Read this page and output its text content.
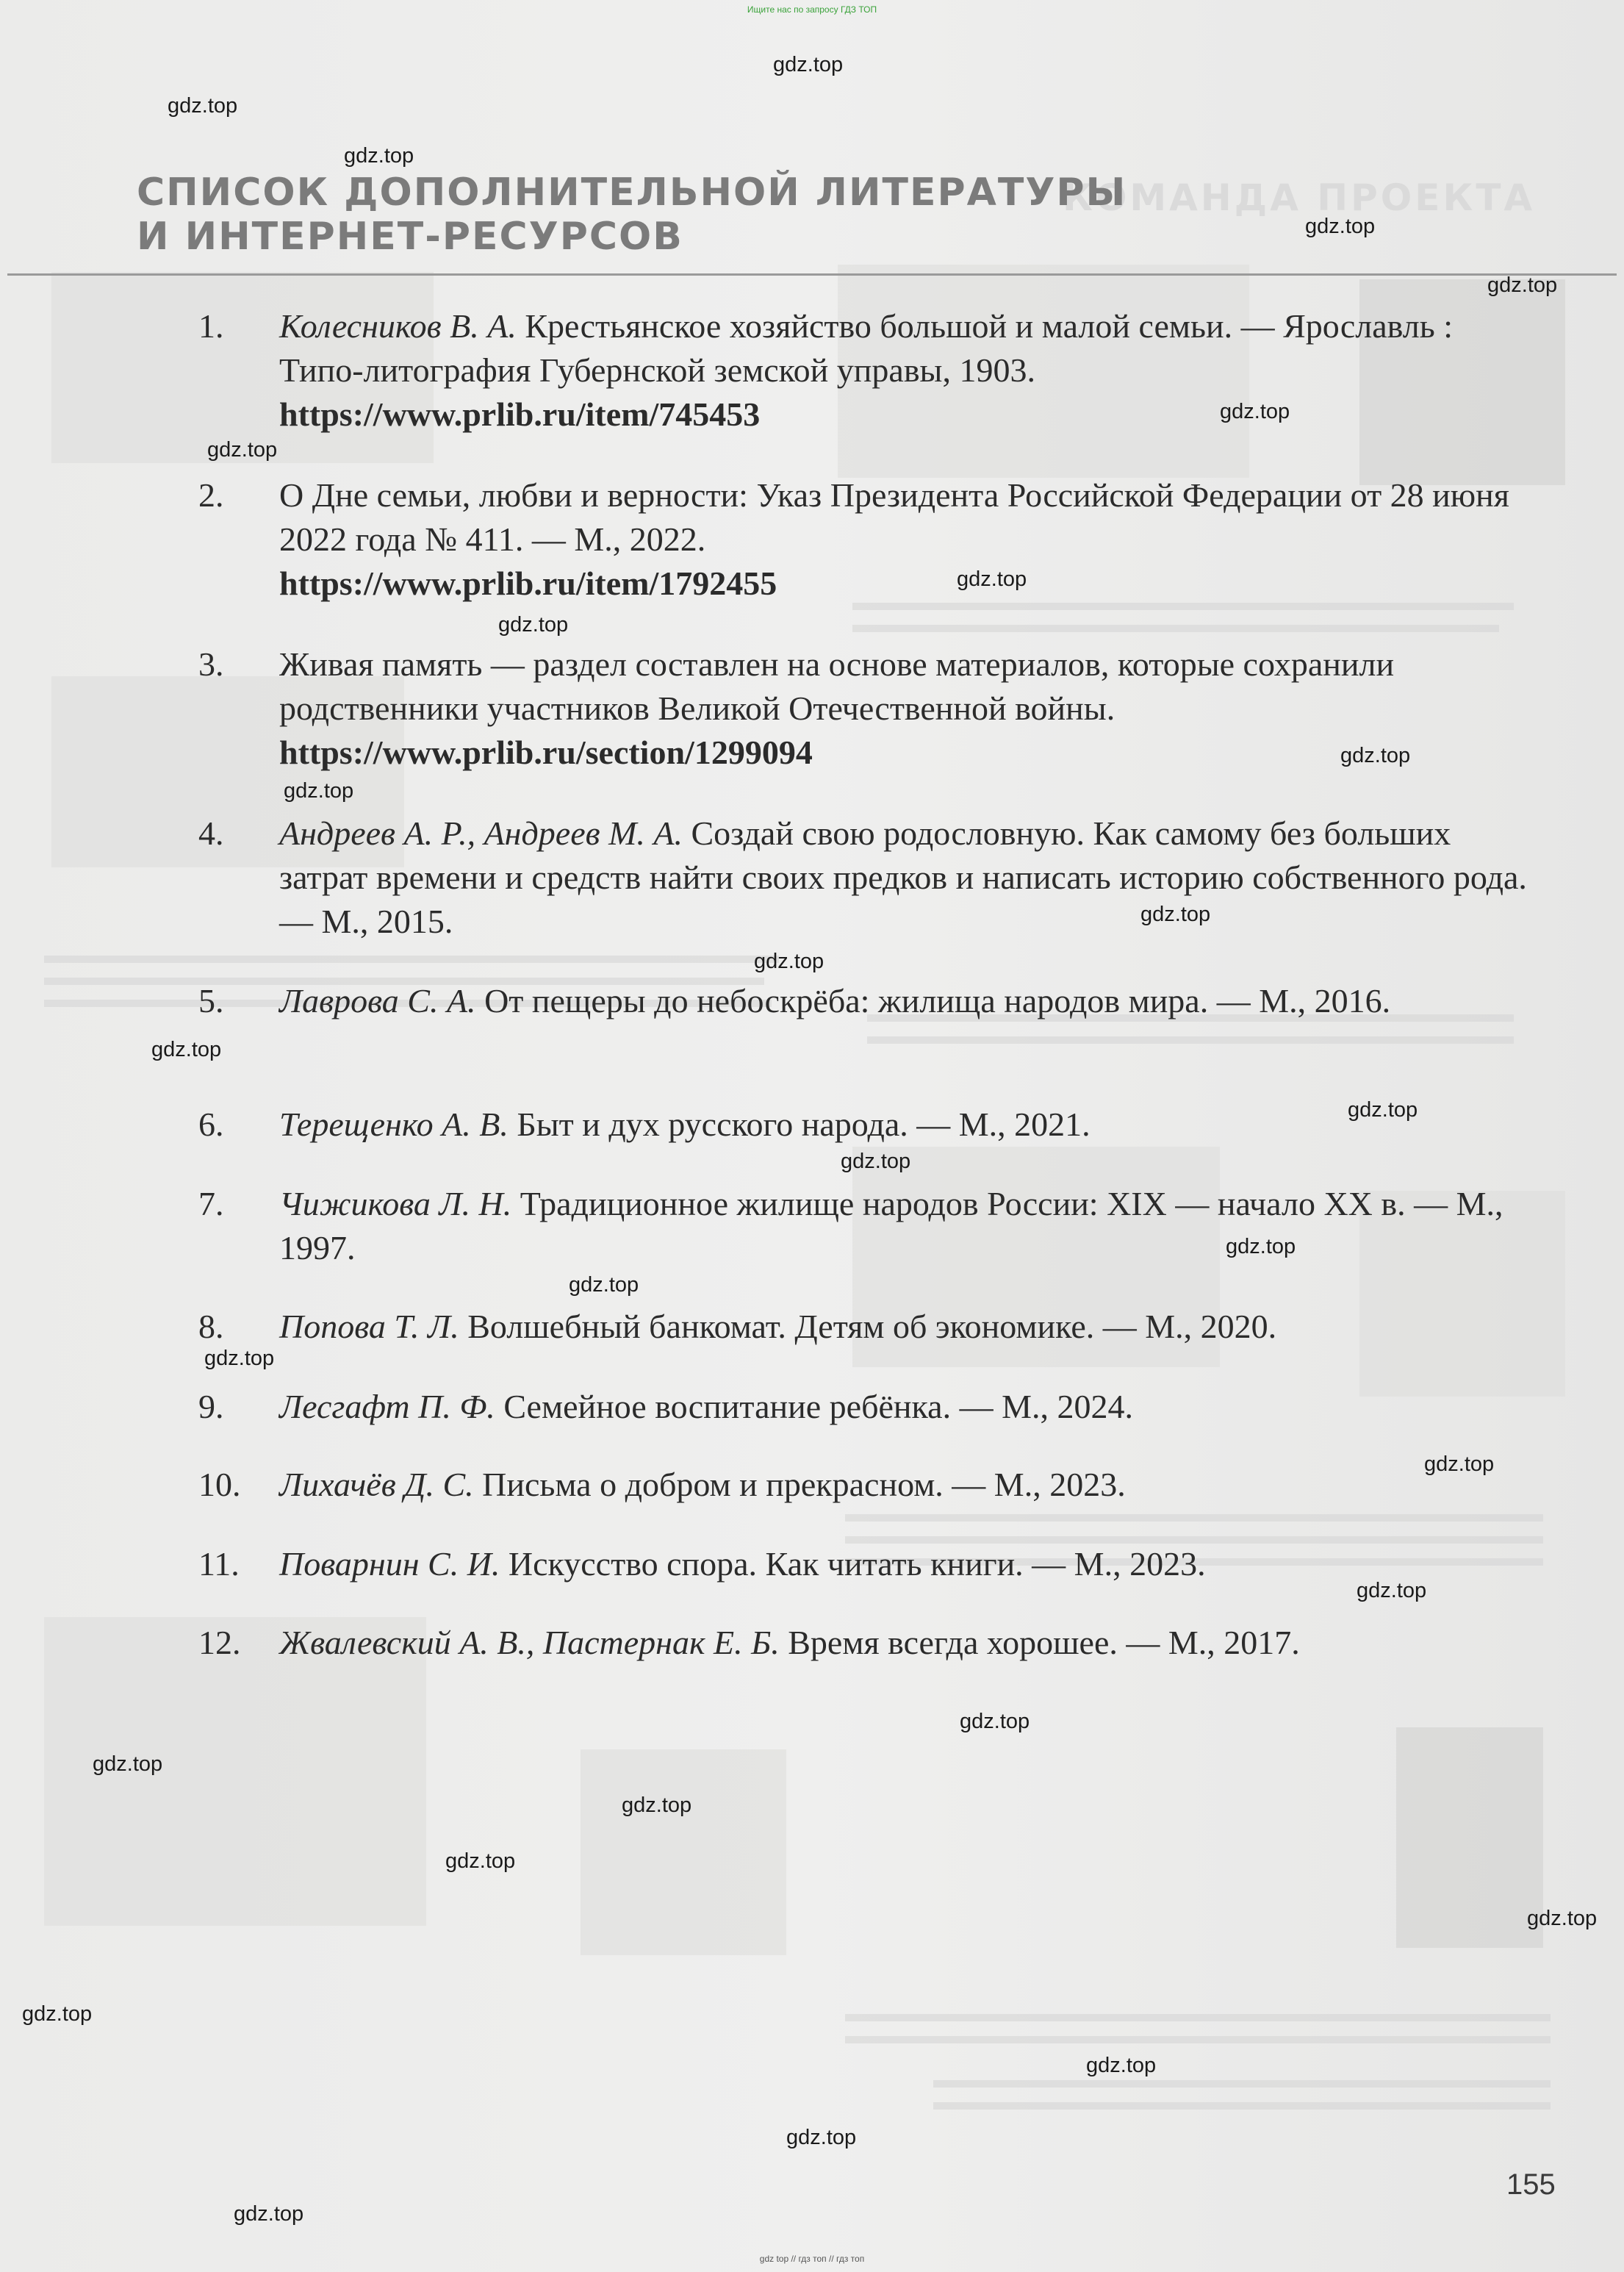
КОМАНДА ПРОЕКТА
Ищите нас по запросу ГДЗ ТОП
СПИСОК ДОПОЛНИТЕЛЬНОЙ ЛИТЕРАТУРЫ
И ИНТЕРНЕТ-РЕСУРСОВ
1.	Колесников В. А. Крестьянское хозяйство большой и малой семьи. — Ярославль : Типо-литография Губернской земской управы, 1903.
https://www.prlib.ru/item/745453
2.	О Дне семьи, любви и верности: Указ Президента Российской Федерации от 28 июня 2022 года № 411. — М., 2022.
https://www.prlib.ru/item/1792455
3.	Живая память — раздел составлен на основе материалов, которые сохранили родственники участников Великой Отечественной войны.
https://www.prlib.ru/section/1299094
4.	Андреев А. Р., Андреев М. А. Создай свою родословную. Как самому без больших затрат времени и средств найти своих предков и написать историю собственного рода. — М., 2015.
5.	Лаврова С. А. От пещеры до небоскрёба: жилища народов мира. — М., 2016.
6.	Терещенко А. В. Быт и дух русского народа. — М., 2021.
7.	Чижикова Л. Н. Традиционное жилище народов России: XIX — начало XX в. — М., 1997.
8.	Попова Т. Л. Волшебный банкомат. Детям об экономике. — М., 2020.
9.	Лесгафт П. Ф. Семейное воспитание ребёнка. — М., 2024.
10.	Лихачёв Д. С. Письма о добром и прекрасном. — М., 2023.
11.	Поварнин С. И. Искусство спора. Как читать книги. — М., 2023.
12.	Жвалевский А. В., Пастернак Е. Б. Время всегда хорошее. — М., 2017.
gdz.top
gdz.top
gdz.top
gdz.top
gdz.top
gdz.top
gdz.top
gdz.top
gdz.top
gdz.top
gdz.top
gdz.top
gdz.top
gdz.top
gdz.top
gdz.top
gdz.top
gdz.top
gdz.top
gdz.top
gdz.top
gdz.top
gdz.top
gdz.top
gdz.top
gdz.top
gdz.top
gdz.top
gdz.top
gdz.top
155
gdz top // гдз топ // гдз топ
